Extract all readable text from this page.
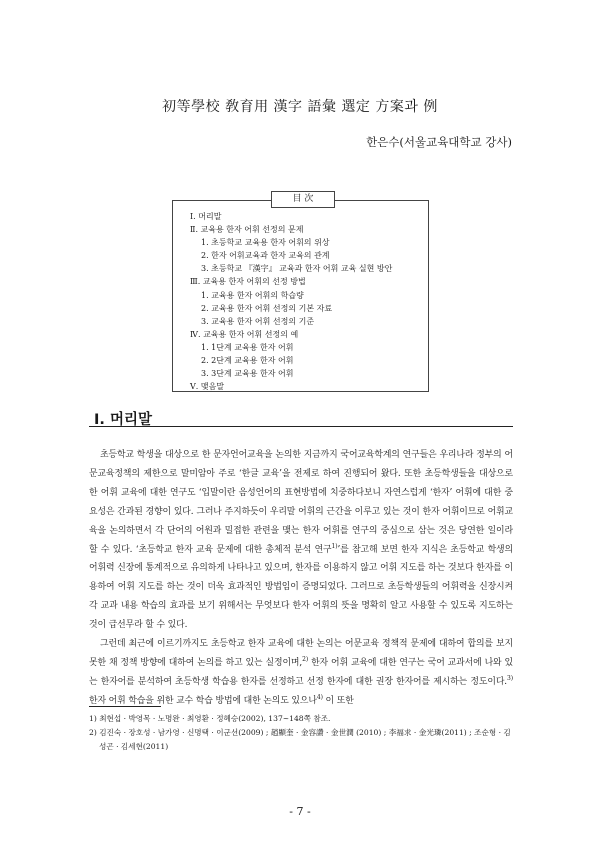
初等學校 敎育用 漢字 語彙 選定 方案과 例
한은수(서울교육대학교 강사)
目 次
Ⅰ. 머리말
Ⅱ. 교육용 한자 어휘 선정의 문제
1. 초등학교 교육용 한자 어휘의 위상
2. 한자 어휘교육과 한자 교육의 관계
3. 초등학교 『漢字』 교육과 한자 어휘 교육 실현 방안
Ⅲ. 교육용 한자 어휘의 선정 방법
1. 교육용 한자 어휘의 학습량
2. 교육용 한자 어휘 선정의 기본 자료
3. 교육용 한자 어휘 선정의 기준
Ⅳ. 교육용 한자 어휘 선정의 예
1. 1단계 교육용 한자 어휘
2. 2단계 교육용 한자 어휘
3. 3단계 교육용 한자 어휘
Ⅴ. 맺음말
Ⅰ. 머리말

초등학교 학생을 대상으로 한 문자언어교육을 논의한 지금까지 국어교육학계의 연구들은 우리나라 정부의 어문교육정책의 제한으로 말미암아 주로 ‘한글 교육’을 전제로 하여 진행되어 왔다. 또한 초등학생들을 대상으로 한 어휘 교육에 대한 연구도 ‘입말이란 음성언어의 표현방법에 치중하다보니 자연스럽게 ‘한자’ 어휘에 대한 중요성은 간과된 경향이 있다. 그러나 주지하듯이 우리말 어휘의 근간을 이루고 있는 것이 한자 어휘이므로 어휘교육을 논의하면서 각 단어의 어원과 밀접한 관련을 맺는 한자 어휘를 연구의 중심으로 삼는 것은 당연한 일이라 할 수 있다. ‘초등학교 한자 교육 문제에 대한 총체적 분석 연구$^{1)}$’를 참고해 보면 한자 지식은 초등학교 학생의 어휘력 신장에 통계적으로 유의하게 나타나고 있으며, 한자를 이용하지 않고 어휘 지도를 하는 것보다 한자를 이용하여 어휘 지도를 하는 것이 더욱 효과적인 방법임이 증명되었다. 그러므로 초등학생들의 어휘력을 신장시켜 각 교과 내용 학습의 효과를 보기 위해서는 무엇보다 한자 어휘의 뜻을 명확히 알고 사용할 수 있도록 지도하는 것이 급선무라 할 수 있다.

그런데 최근에 이르기까지도 초등학교 한자 교육에 대한 논의는 어문교육 정책적 문제에 대하여 합의를 보지 못한 채 정책 방향에 대하여 논의를 하고 있는 실정이며,$^{2)}$ 한자 어휘 교육에 대한 연구는 국어 교과서에 나와 있는 한자어를 분석하여 초등학생 학습용 한자를 선정하고 선정 한자에 대한 권장 한자어를 제시하는 정도이다.$^{3)}$ 한자 어휘 학습을 위한 교수 학습 방법에 대한 논의도 있으나$^{4)}$ 이 또한

1) 최현섭 · 박영목 · 노명완 · 최영환 · 정혜승(2002), 137~148쪽 참조.
2) 김진숙 · 장호성 · 남가영 · 신명택 · 이군선(2009) ; 趙顯奎 · 金容讚 · 金世潤 (2010) ; 李福求 · 金光璘(2011) ; 조순형 · 김성곤 · 김세현(2011)
- 7 -
